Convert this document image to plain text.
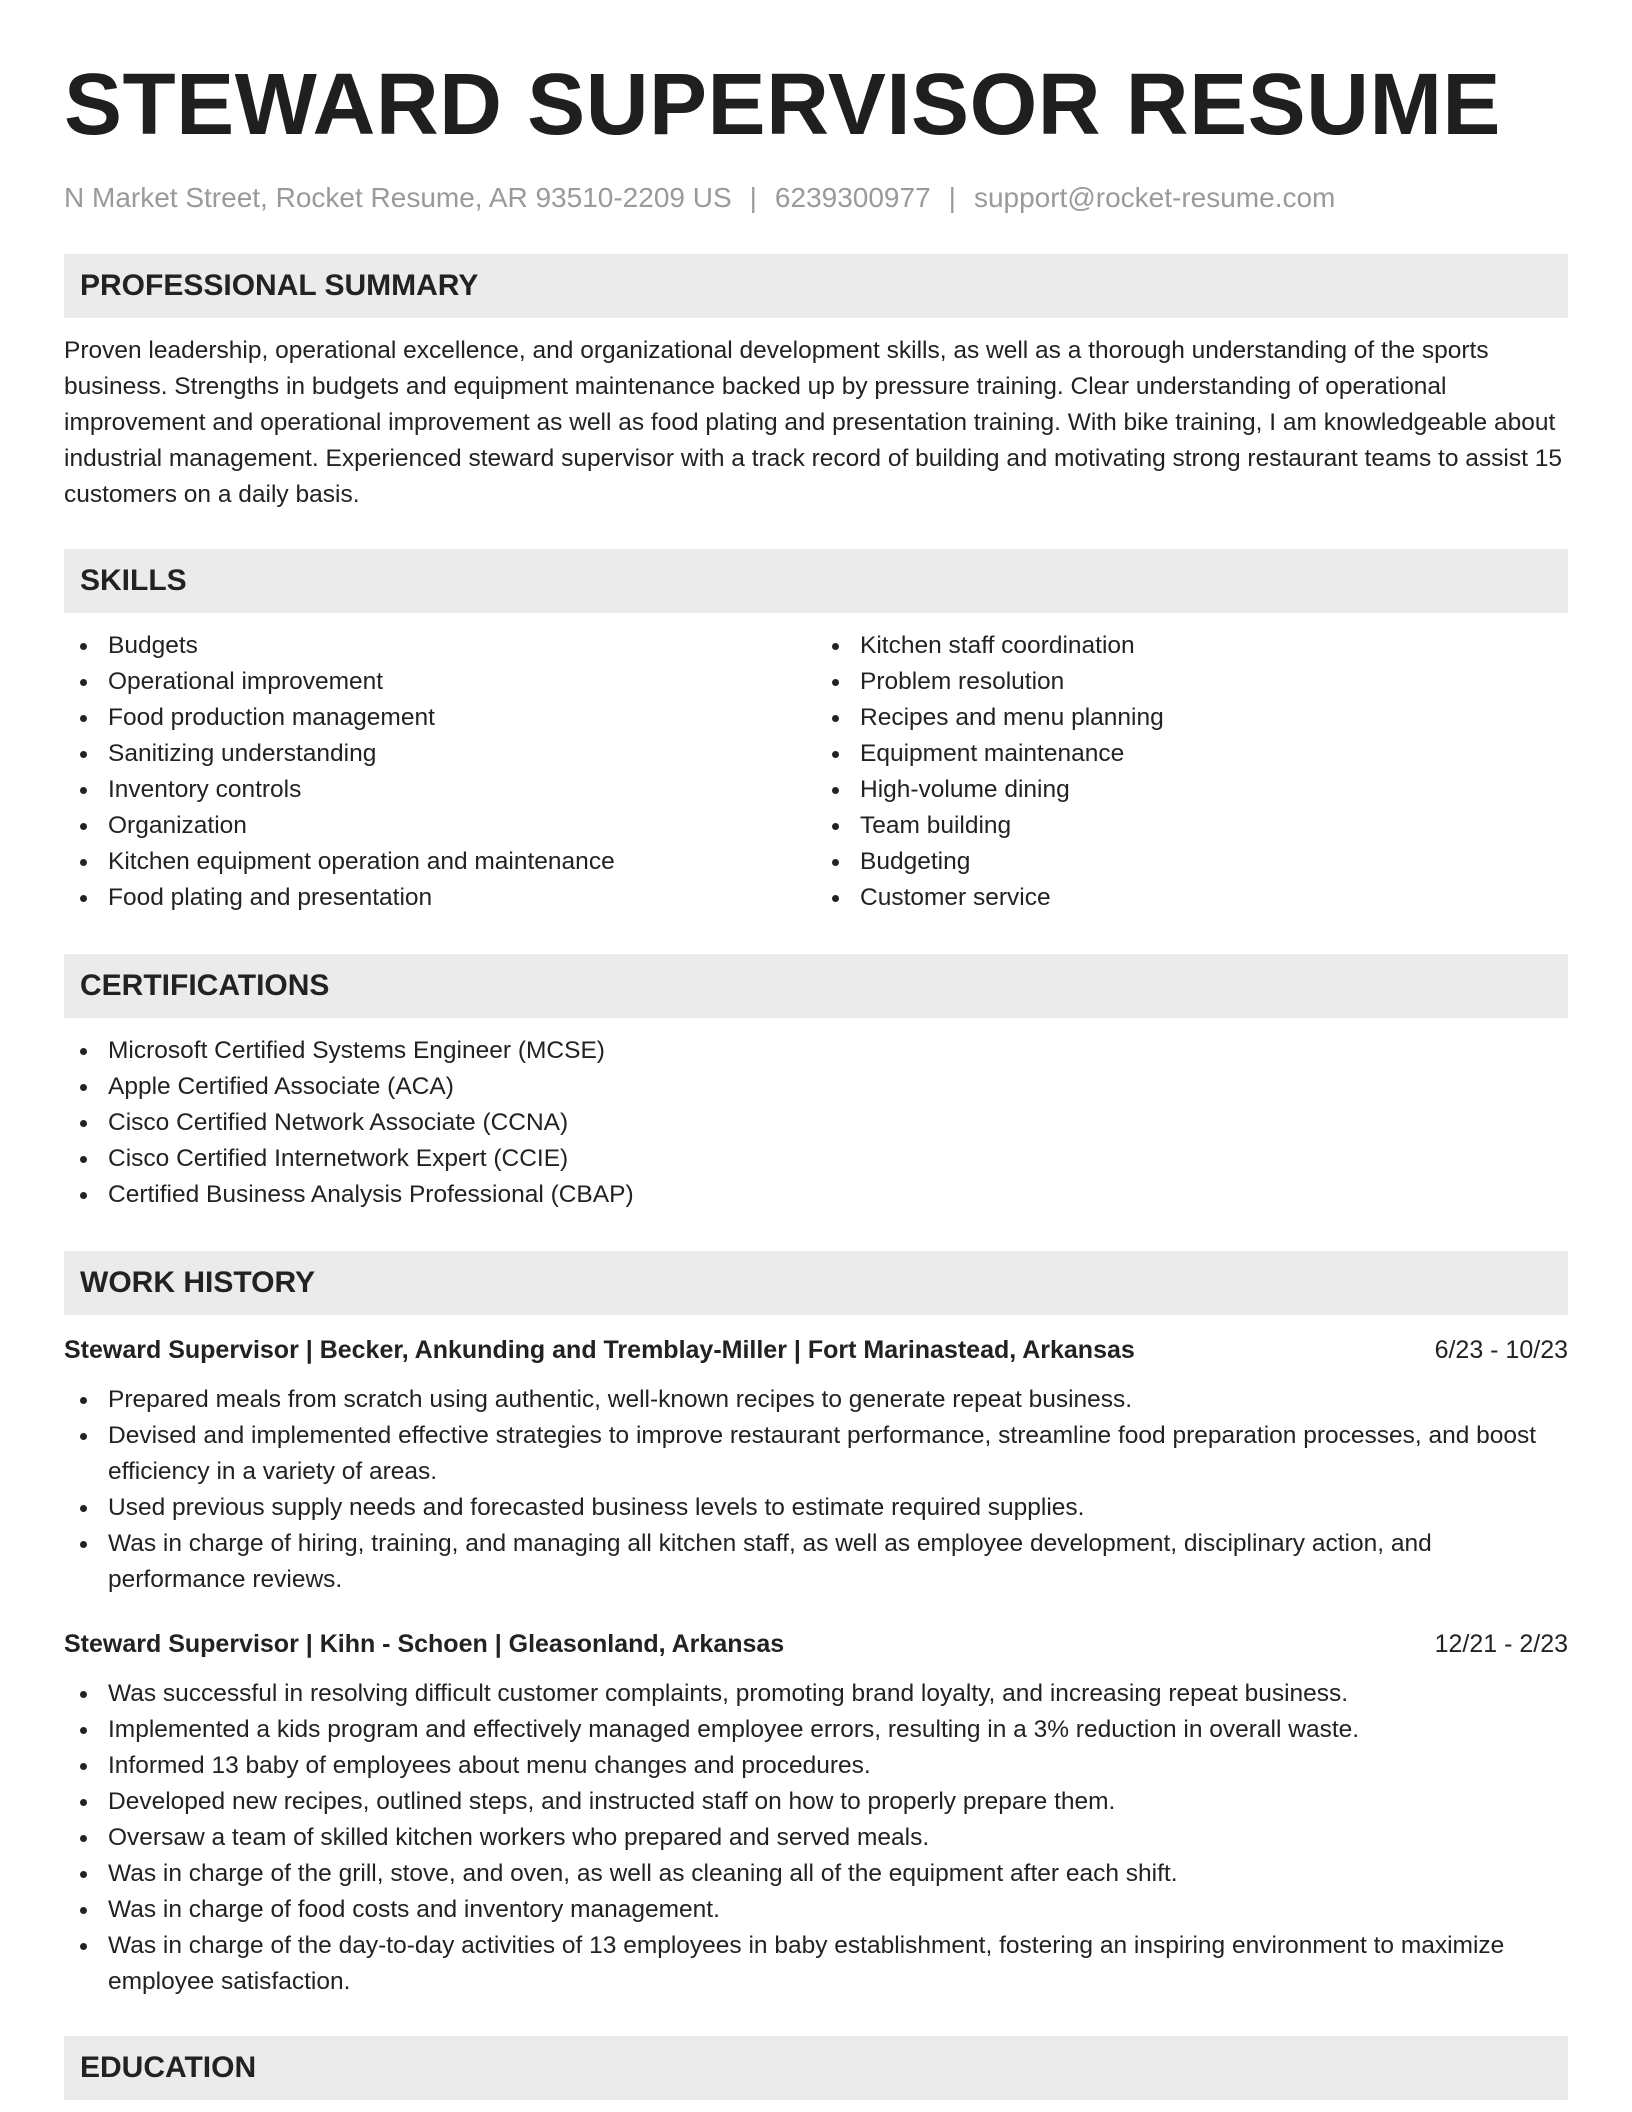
STEWARD SUPERVISOR RESUME
N Market Street, Rocket Resume, AR 93510-2209 US | 6239300977 | support@rocket-resume.com
PROFESSIONAL SUMMARY

Proven leadership, operational excellence, and organizational development skills, as well as a thorough understanding of the sports business. Strengths in budgets and equipment maintenance backed up by pressure training. Clear understanding of operational improvement and operational improvement as well as food plating and presentation training. With bike training, I am knowledgeable about industrial management. Experienced steward supervisor with a track record of building and motivating strong restaurant teams to assist 15 customers on a daily basis.

SKILLS
Budgets
Operational improvement
Food production management
Sanitizing understanding
Inventory controls
Organization
Kitchen equipment operation and maintenance
Food plating and presentation
Kitchen staff coordination
Problem resolution
Recipes and menu planning
Equipment maintenance
High-volume dining
Team building
Budgeting
Customer service
CERTIFICATIONS
Microsoft Certified Systems Engineer (MCSE)
Apple Certified Associate (ACA)
Cisco Certified Network Associate (CCNA)
Cisco Certified Internetwork Expert (CCIE)
Certified Business Analysis Professional (CBAP)
WORK HISTORY
Steward Supervisor | Becker, Ankunding and Tremblay-Miller | Fort Marinastead, Arkansas	6/23 - 10/23
Prepared meals from scratch using authentic, well-known recipes to generate repeat business.
Devised and implemented effective strategies to improve restaurant performance, streamline food preparation processes, and boost efficiency in a variety of areas.
Used previous supply needs and forecasted business levels to estimate required supplies.
Was in charge of hiring, training, and managing all kitchen staff, as well as employee development, disciplinary action, and performance reviews.
Steward Supervisor | Kihn - Schoen | Gleasonland, Arkansas	12/21 - 2/23
Was successful in resolving difficult customer complaints, promoting brand loyalty, and increasing repeat business.
Implemented a kids program and effectively managed employee errors, resulting in a 3% reduction in overall waste.
Informed 13 baby of employees about menu changes and procedures.
Developed new recipes, outlined steps, and instructed staff on how to properly prepare them.
Oversaw a team of skilled kitchen workers who prepared and served meals.
Was in charge of the grill, stove, and oven, as well as cleaning all of the equipment after each shift.
Was in charge of food costs and inventory management.
Was in charge of the day-to-day activities of 13 employees in baby establishment, fostering an inspiring environment to maximize employee satisfaction.
EDUCATION
